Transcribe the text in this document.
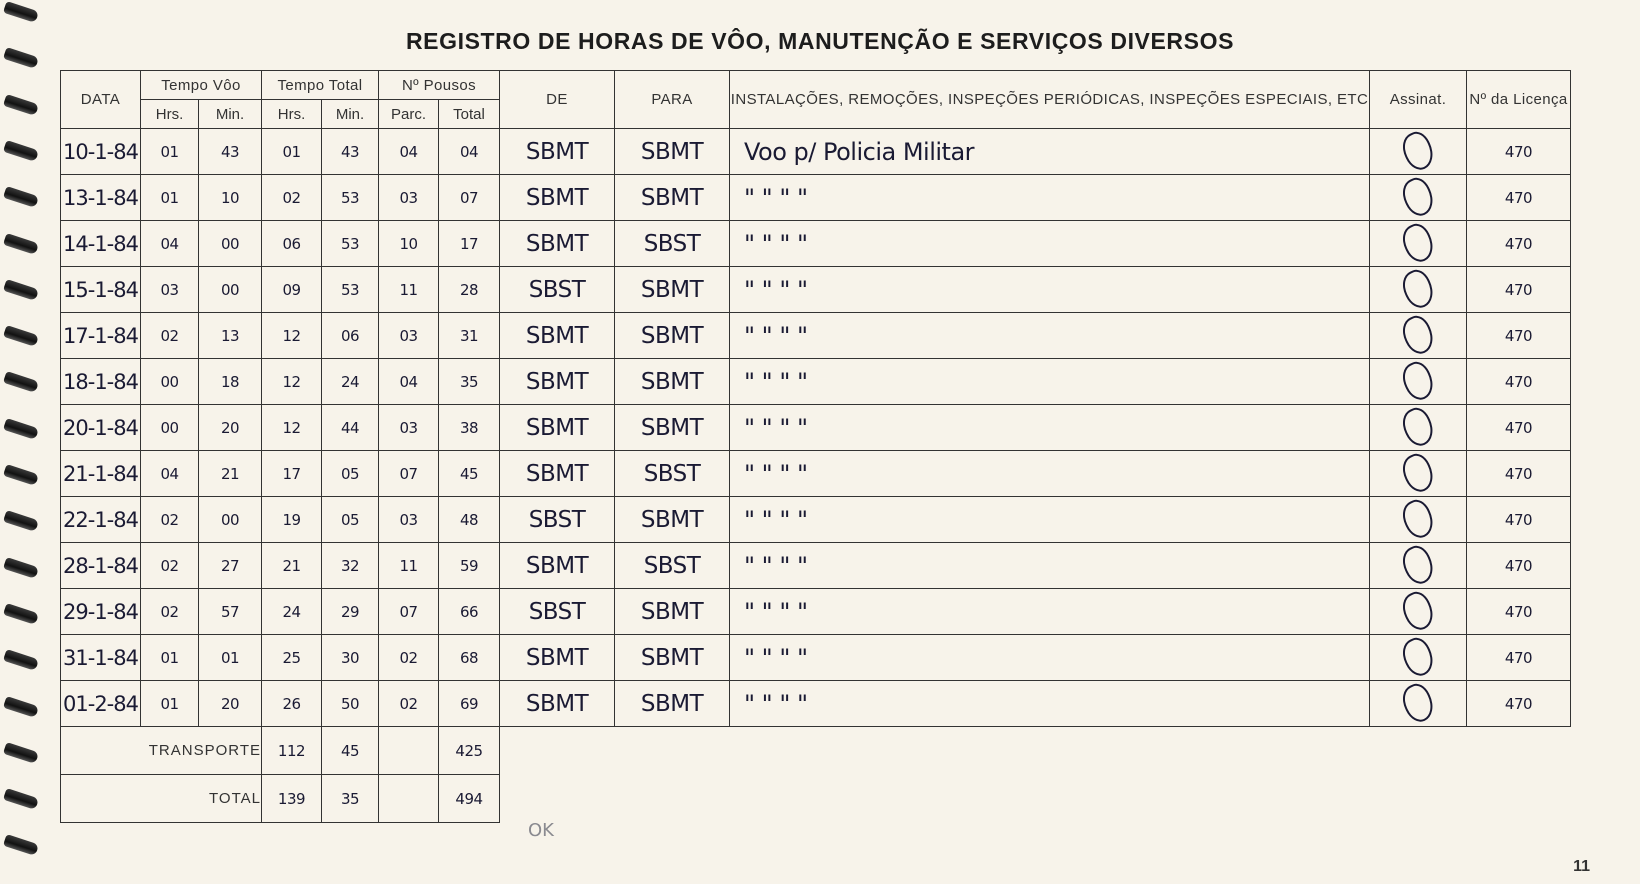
REGISTRO DE HORAS DE VÔO, MANUTENÇÃO E SERVIÇOS DIVERSOS
DATA	Tempo Vôo		Tempo Total		Nº Pousos		DE	PARA	INSTALAÇÕES, REMOÇÕES, INSPEÇÕES PERIÓDICAS, INSPEÇÕES ESPECIAIS, ETC	Assinat.	Nº da Licença
	Hrs.	Min.	Hrs.	Min.	Parc.	Total					
10-1-84	01	43	01	43	04	04	SBMT	SBMT	Voo p/ Policia Militar		470
13-1-84	01	10	02	53	03	07	SBMT	SBMT	" " " "		470
14-1-84	04	00	06	53	10	17	SBMT	SBST	" " " "		470
15-1-84	03	00	09	53	11	28	SBST	SBMT	" " " "		470
17-1-84	02	13	12	06	03	31	SBMT	SBMT	" " " "		470
18-1-84	00	18	12	24	04	35	SBMT	SBMT	" " " "		470
20-1-84	00	20	12	44	03	38	SBMT	SBMT	" " " "		470
21-1-84	04	21	17	05	07	45	SBMT	SBST	" " " "		470
22-1-84	02	00	19	05	03	48	SBST	SBMT	" " " "		470
28-1-84	02	27	21	32	11	59	SBMT	SBST	" " " "		470
29-1-84	02	57	24	29	07	66	SBST	SBMT	" " " "		470
31-1-84	01	01	25	30	02	68	SBMT	SBMT	" " " "		470
01-2-84	01	20	26	50	02	69	SBMT	SBMT	" " " "		470
TRANSPORTE			112	45		425					
TOTAL			139	35		494					
OK
11
